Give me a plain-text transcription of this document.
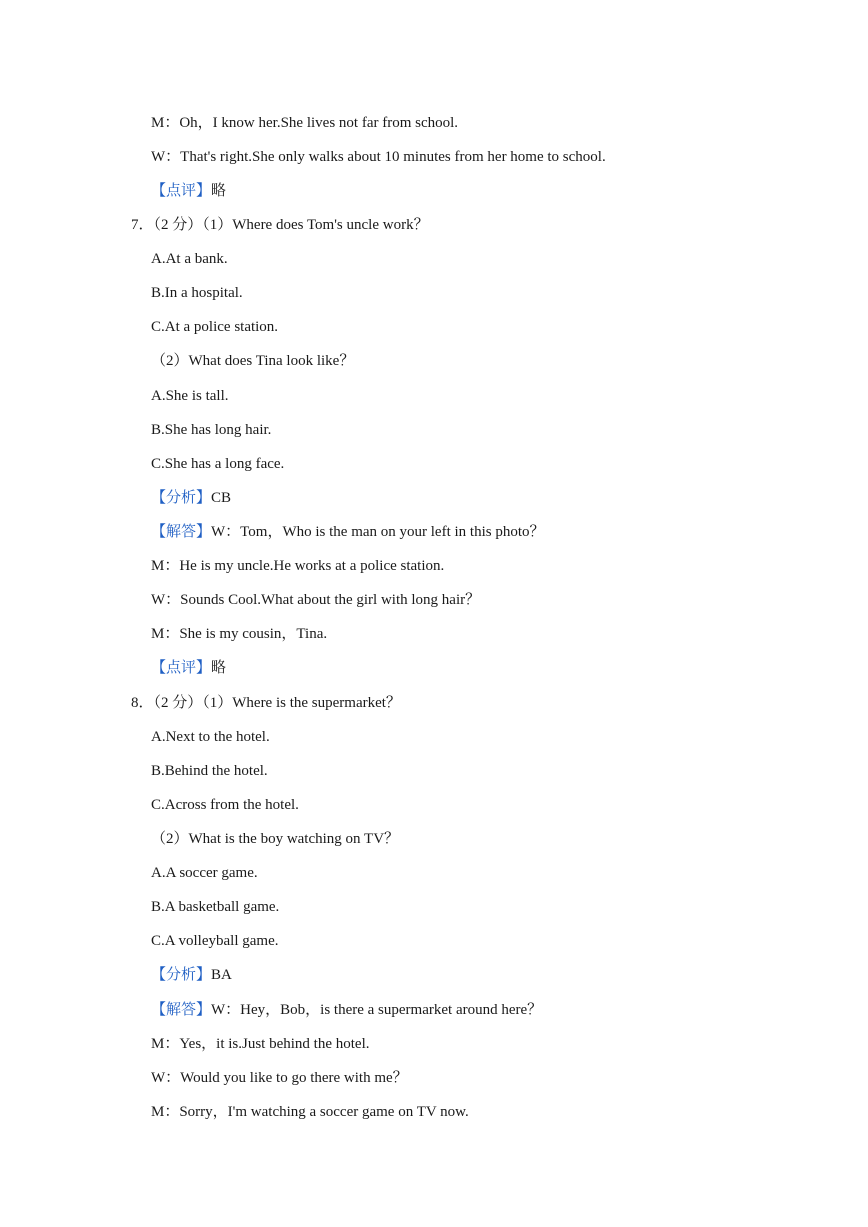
M：Oh，I know her.She lives not far from school.
W：That's right.She only walks about 10 minutes from her home to school.
【点评】略
7．（2 分）（1）Where does Tom's uncle work？
A.At a bank.
B.In a hospital.
C.At a police station.
（2）What does Tina look like？
A.She is tall.
B.She has long hair.
C.She has a long face.
【分析】CB
【解答】W：Tom，Who is the man on your left in this photo？
M：He is my uncle.He works at a police station.
W：Sounds Cool.What about the girl with long hair？
M：She is my cousin，Tina.
【点评】略
8．（2 分）（1）Where is the supermarket？
A.Next to the hotel.
B.Behind the hotel.
C.Across from the hotel.
（2）What is the boy watching on TV？
A.A soccer game.
B.A basketball game.
C.A volleyball game.
【分析】BA
【解答】W：Hey，Bob，is there a supermarket around here？
M：Yes，it is.Just behind the hotel.
W：Would you like to go there with me？
M：Sorry，I'm watching a soccer game on TV now.
